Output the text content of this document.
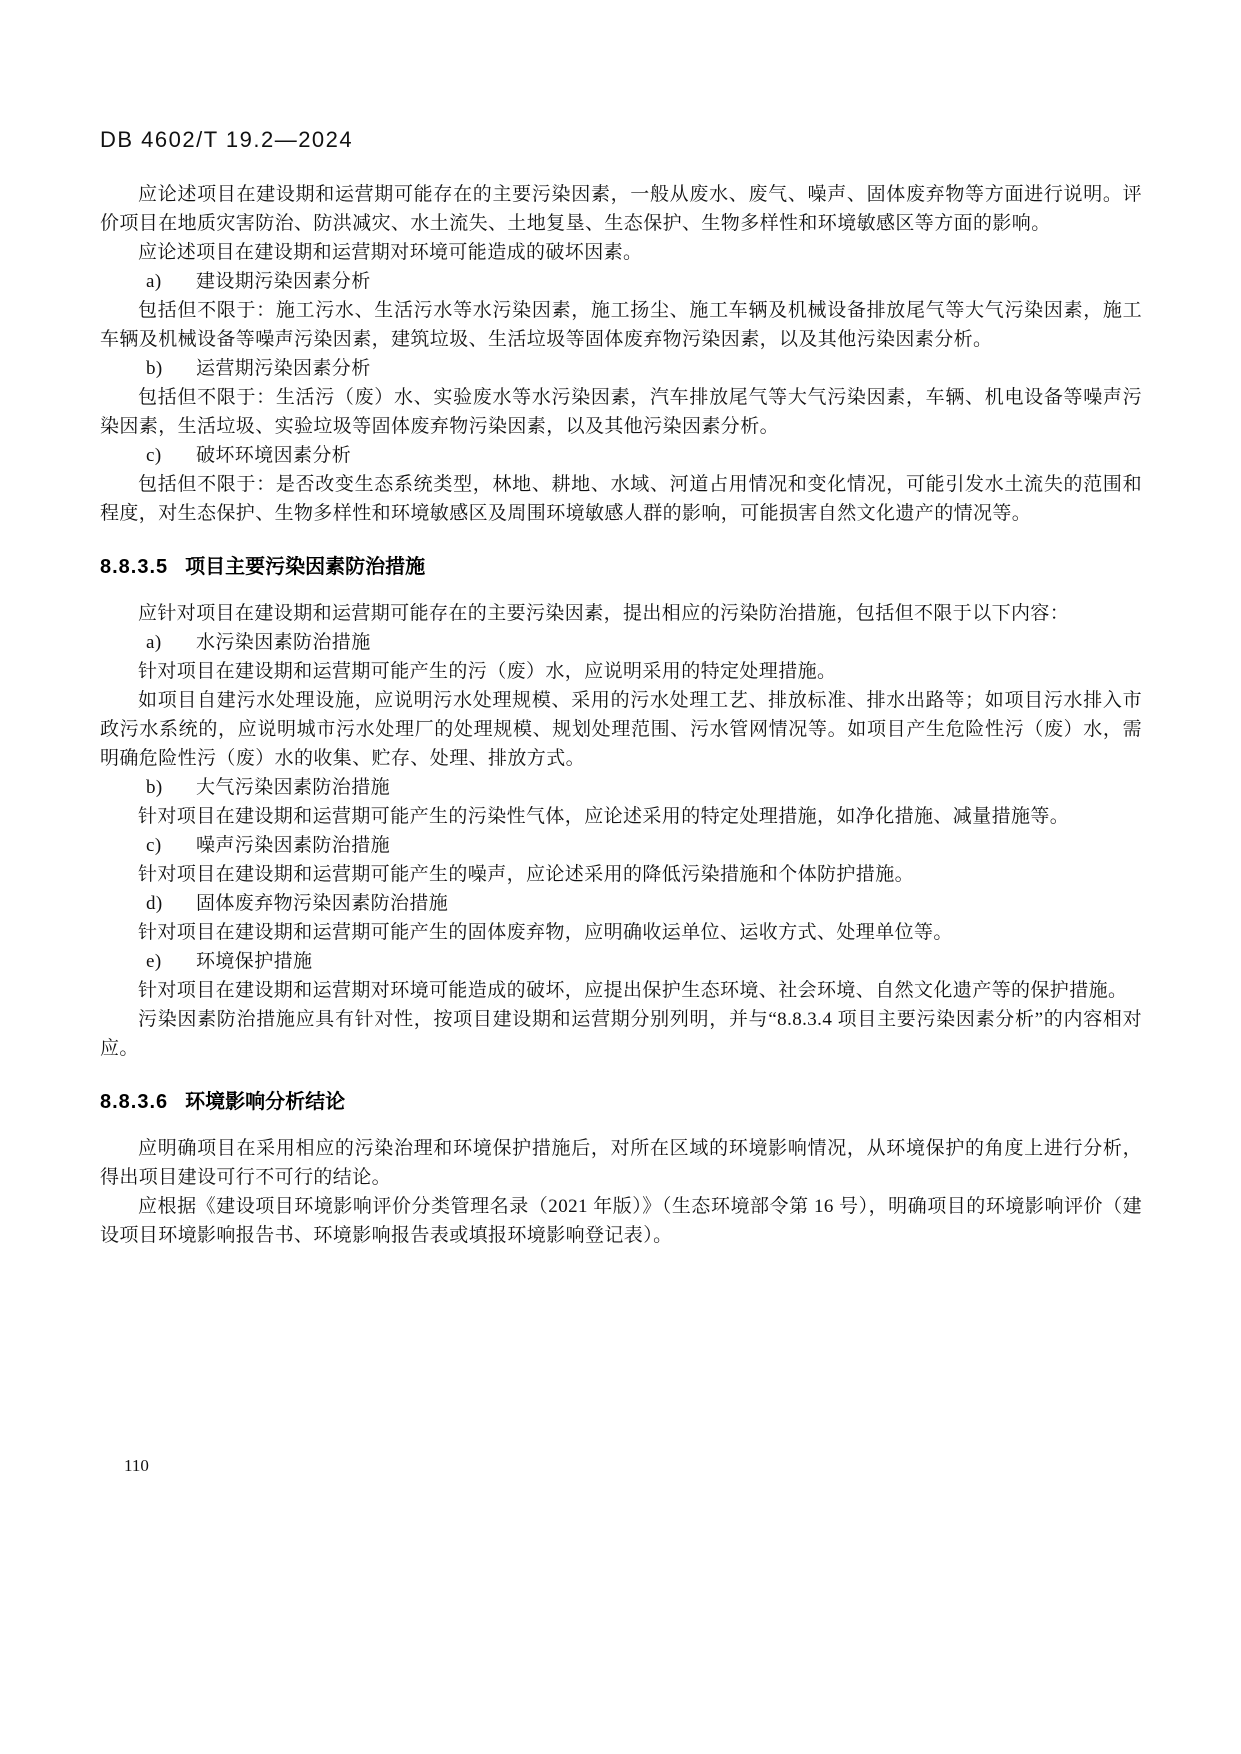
DB 4602/T 19.2—2024

应论述项目在建设期和运营期可能存在的主要污染因素，一般从废水、废气、噪声、固体废弃物等方面进行说明。评价项目在地质灾害防治、防洪减灾、水土流失、土地复垦、生态保护、生物多样性和环境敏感区等方面的影响。

应论述项目在建设期和运营期对环境可能造成的破坏因素。

a) 建设期污染因素分析

包括但不限于：施工污水、生活污水等水污染因素，施工扬尘、施工车辆及机械设备排放尾气等大气污染因素，施工车辆及机械设备等噪声污染因素，建筑垃圾、生活垃圾等固体废弃物污染因素，以及其他污染因素分析。

b) 运营期污染因素分析

包括但不限于：生活污（废）水、实验废水等水污染因素，汽车排放尾气等大气污染因素，车辆、机电设备等噪声污染因素，生活垃圾、实验垃圾等固体废弃物污染因素，以及其他污染因素分析。

c) 破坏环境因素分析

包括但不限于：是否改变生态系统类型，林地、耕地、水域、河道占用情况和变化情况，可能引发水土流失的范围和程度，对生态保护、生物多样性和环境敏感区及周围环境敏感人群的影响，可能损害自然文化遗产的情况等。

8.8.3.5 项目主要污染因素防治措施

应针对项目在建设期和运营期可能存在的主要污染因素，提出相应的污染防治措施，包括但不限于以下内容：

a) 水污染因素防治措施

针对项目在建设期和运营期可能产生的污（废）水，应说明采用的特定处理措施。

如项目自建污水处理设施，应说明污水处理规模、采用的污水处理工艺、排放标准、排水出路等；如项目污水排入市政污水系统的，应说明城市污水处理厂的处理规模、规划处理范围、污水管网情况等。如项目产生危险性污（废）水，需明确危险性污（废）水的收集、贮存、处理、排放方式。

b) 大气污染因素防治措施

针对项目在建设期和运营期可能产生的污染性气体，应论述采用的特定处理措施，如净化措施、减量措施等。

c) 噪声污染因素防治措施

针对项目在建设期和运营期可能产生的噪声，应论述采用的降低污染措施和个体防护措施。

d) 固体废弃物污染因素防治措施

针对项目在建设期和运营期可能产生的固体废弃物，应明确收运单位、运收方式、处理单位等。

e) 环境保护措施

针对项目在建设期和运营期对环境可能造成的破坏，应提出保护生态环境、社会环境、自然文化遗产等的保护措施。

污染因素防治措施应具有针对性，按项目建设期和运营期分别列明，并与“8.8.3.4 项目主要污染因素分析”的内容相对应。

8.8.3.6 环境影响分析结论

应明确项目在采用相应的污染治理和环境保护措施后，对所在区域的环境影响情况，从环境保护的角度上进行分析，得出项目建设可行不可行的结论。

应根据《建设项目环境影响评价分类管理名录（2021 年版）》（生态环境部令第 16 号），明确项目的环境影响评价（建设项目环境影响报告书、环境影响报告表或填报环境影响登记表）。

110
